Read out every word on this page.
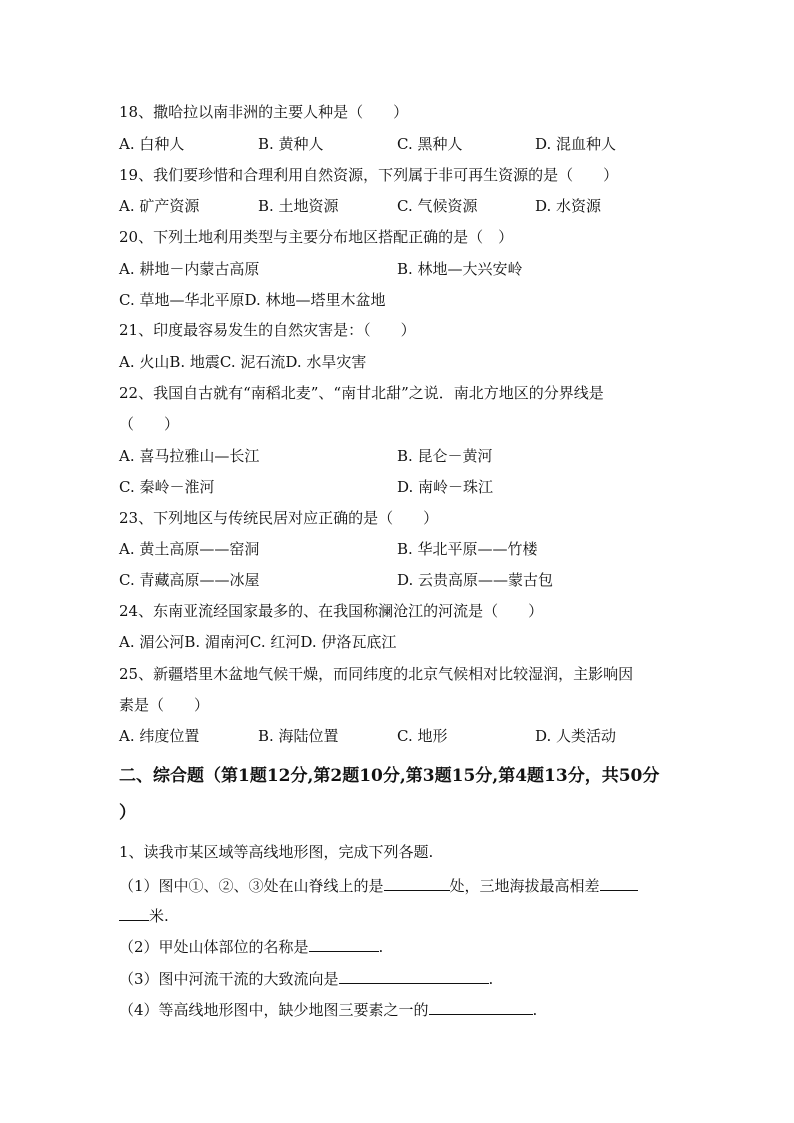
18、撒哈拉以南非洲的主要人种是（　　）
A. 白种人	B. 黄种人	C. 黑种人	D. 混血种人
19、我们要珍惜和合理利用自然资源，下列属于非可再生资源的是（　　）
A. 矿产资源	B. 土地资源	C. 气候资源	D. 水资源
20、下列土地利用类型与主要分布地区搭配正确的是（　）
A. 耕地－内蒙古高原	B. 林地—大兴安岭
C. 草地—华北平原D. 林地—塔里木盆地
21、印度最容易发生的自然灾害是：（　　）
A. 火山B. 地震C. 泥石流D. 水旱灾害
22、我国自古就有“南稻北麦”、“南甘北甜”之说．南北方地区的分界线是
（　　）
A. 喜马拉雅山—长江	B. 昆仑－黄河
C. 秦岭－淮河	D. 南岭－珠江
23、下列地区与传统民居对应正确的是（　　）
A. 黄土高原——窑洞	B. 华北平原——竹楼
C. 青藏高原——冰屋	D. 云贵高原——蒙古包
24、东南亚流经国家最多的、在我国称澜沧江的河流是（　　）
A. 湄公河B. 湄南河C. 红河D. 伊洛瓦底江
25、新疆塔里木盆地气候干燥，而同纬度的北京气候相对比较湿润，主影响因
素是（　　）
A. 纬度位置	B. 海陆位置	C. 地形	D. 人类活动
二、综合题（第1题12分,第2题10分,第3题15分,第4题13分，共50分
）
1、读我市某区域等高线地形图，完成下列各题.
（1）图中①、②、③处在山脊线上的是	处，三地海拔最高相差
米.
（2）甲处山体部位的名称是	.
（3）图中河流干流的大致流向是	.
（4）等高线地形图中，缺少地图三要素之一的	.
